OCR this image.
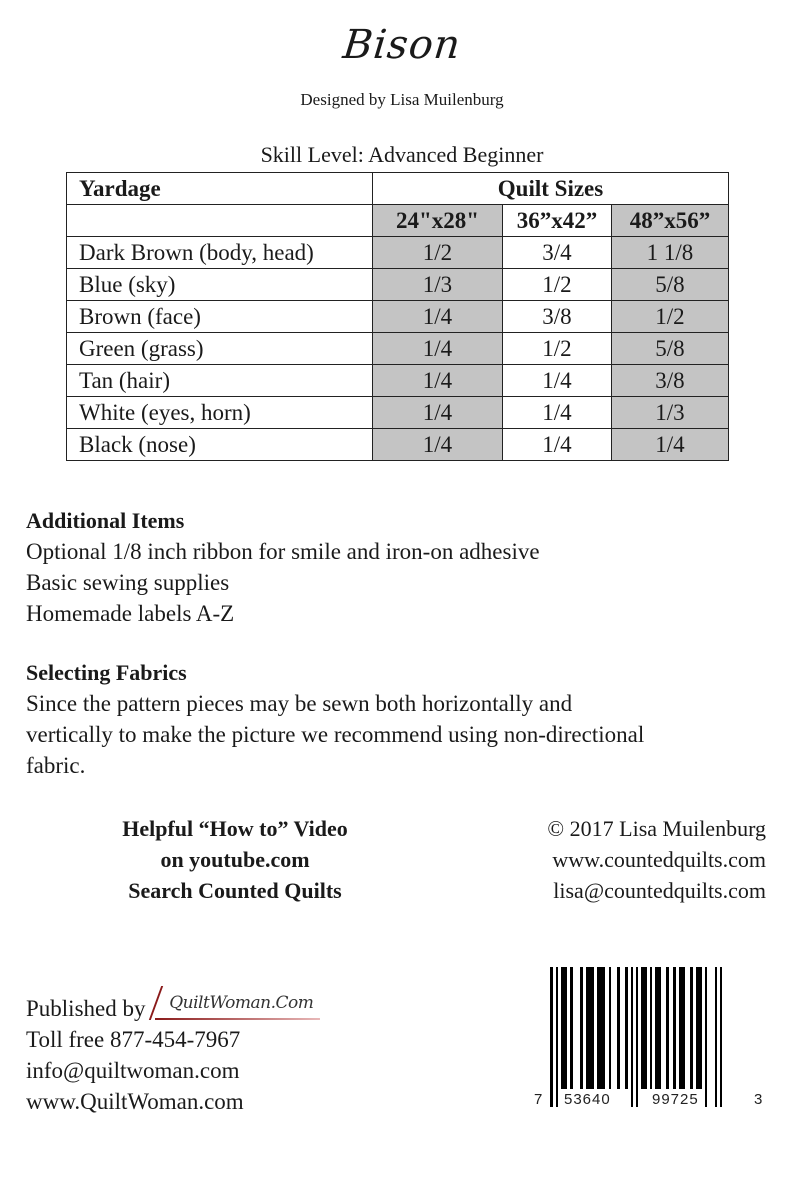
Bison
Designed by Lisa Muilenburg
Skill Level: Advanced Beginner
Yardage	Quilt Sizes		
	24"x28"	36”x42”	48”x56”
Dark Brown (body, head)	1/2	3/4	1 1/8
Blue (sky)	1/3	1/2	5/8
Brown (face)	1/4	3/8	1/2
Green (grass)	1/4	1/2	5/8
Tan (hair)	1/4	1/4	3/8
White (eyes, horn)	1/4	1/4	1/3
Black (nose)	1/4	1/4	1/4
Additional Items
Optional 1/8 inch ribbon for smile and iron-on adhesive
Basic sewing supplies
Homemade labels A-Z
Selecting Fabrics
Since the pattern pieces may be sewn both horizontally and
vertically to make the picture we recommend using non-directional
fabric.
Helpful “How to” Video
on youtube.com
Search Counted Quilts
© 2017 Lisa Muilenburg
www.countedquilts.com
lisa@countedquilts.com
Published by QuiltWoman.Com
Toll free 877-454-7967
info@quiltwoman.com
www.QuiltWoman.com	7 53640	99725	3
